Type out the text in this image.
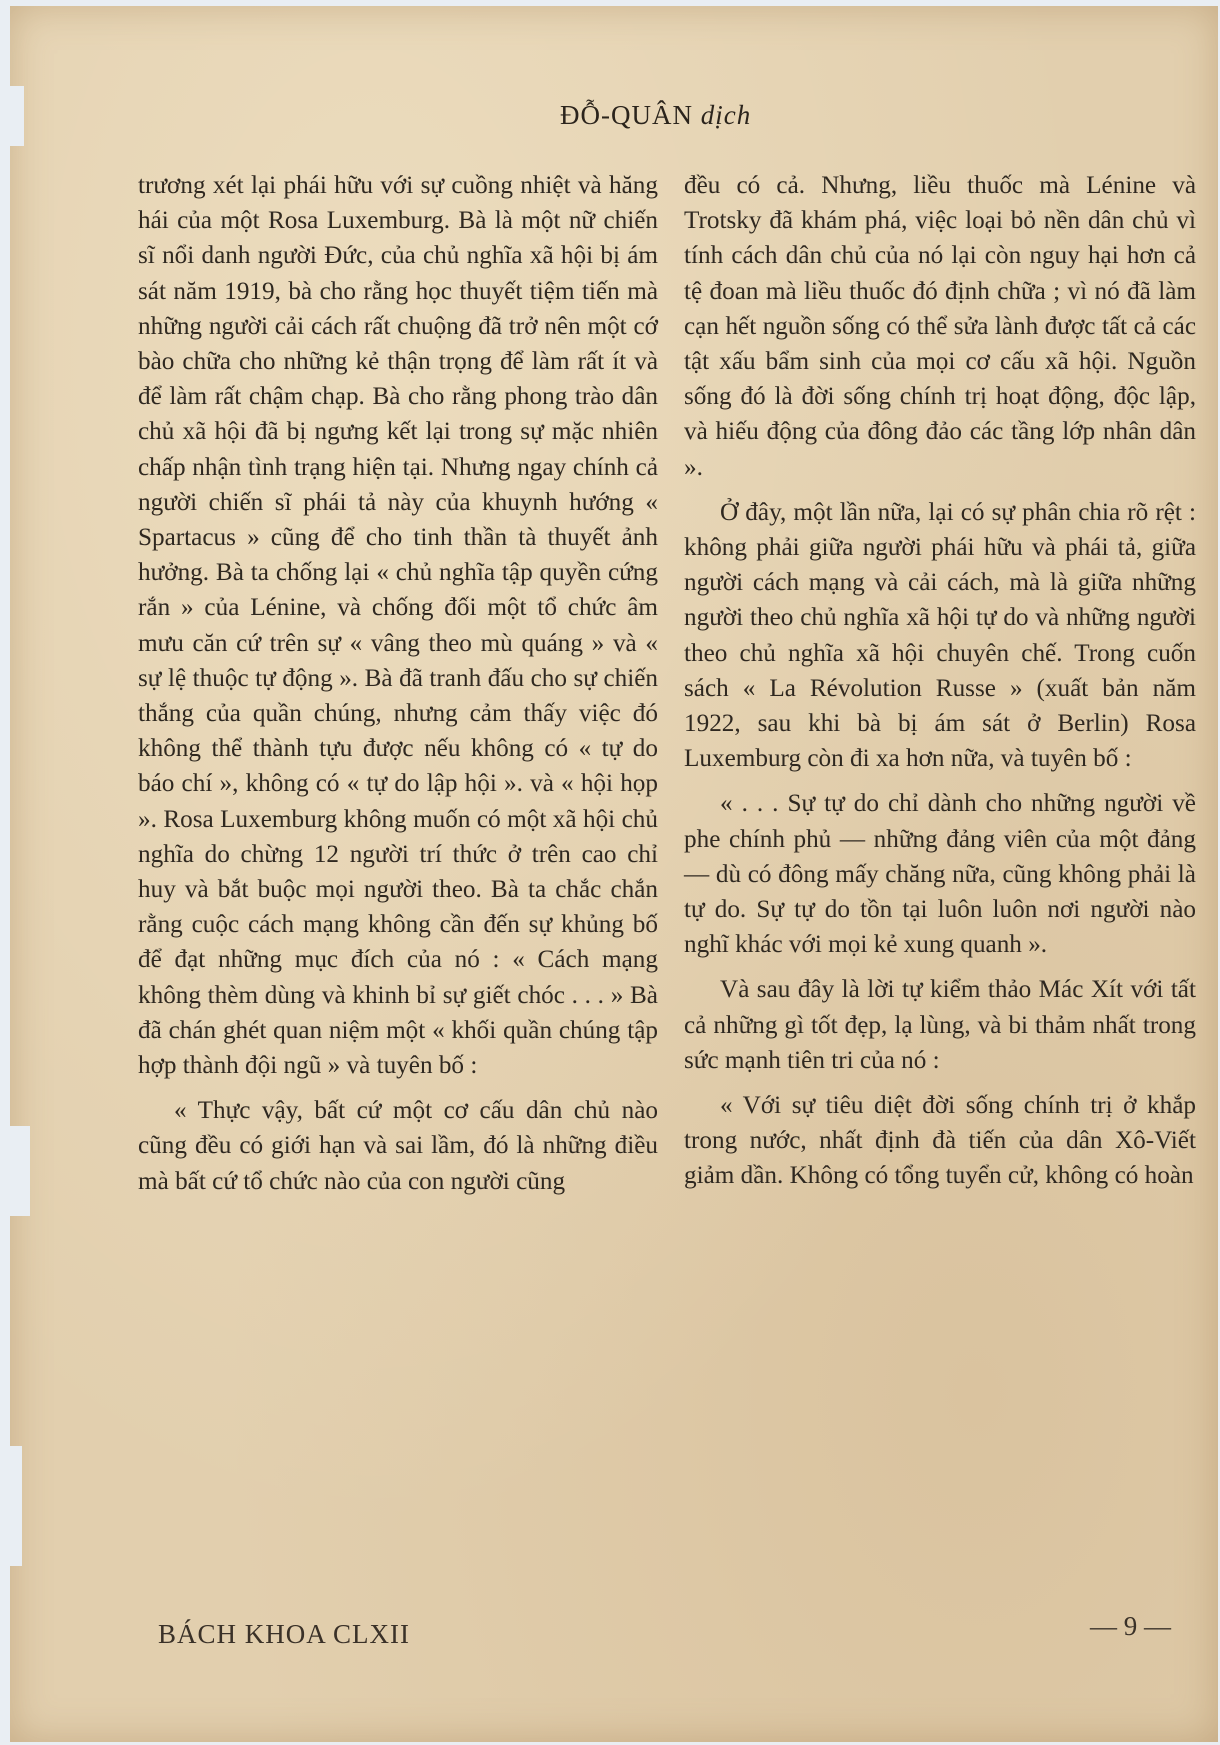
ĐỖ-QUÂN dịch

trương xét lại phái hữu với sự cuồng nhiệt và hăng hái của một Rosa Luxemburg. Bà là một nữ chiến sĩ nổi danh người Đức, của chủ nghĩa xã hội bị ám sát năm 1919, bà cho rằng học thuyết tiệm tiến mà những người cải cách rất chuộng đã trở nên một cớ bào chữa cho những kẻ thận trọng để làm rất ít và để làm rất chậm chạp. Bà cho rằng phong trào dân chủ xã hội đã bị ngưng kết lại trong sự mặc nhiên chấp nhận tình trạng hiện tại. Nhưng ngay chính cả người chiến sĩ phái tả này của khuynh hướng « Spartacus » cũng để cho tinh thần tà thuyết ảnh hưởng. Bà ta chống lại « chủ nghĩa tập quyền cứng rắn » của Lénine, và chống đối một tổ chức âm mưu căn cứ trên sự « vâng theo mù quáng » và « sự lệ thuộc tự động ». Bà đã tranh đấu cho sự chiến thắng của quần chúng, nhưng cảm thấy việc đó không thể thành tựu được nếu không có « tự do báo chí », không có « tự do lập hội ». và « hội họp ». Rosa Luxemburg không muốn có một xã hội chủ nghĩa do chừng 12 người trí thức ở trên cao chỉ huy và bắt buộc mọi người theo. Bà ta chắc chắn rằng cuộc cách mạng không cần đến sự khủng bố để đạt những mục đích của nó : « Cách mạng không thèm dùng và khinh bỉ sự giết chóc . . . » Bà đã chán ghét quan niệm một « khối quần chúng tập hợp thành đội ngũ » và tuyên bố :

« Thực vậy, bất cứ một cơ cấu dân chủ nào cũng đều có giới hạn và sai lầm, đó là những điều mà bất cứ tổ chức nào của con người cũng

đều có cả. Nhưng, liều thuốc mà Lénine và Trotsky đã khám phá, việc loại bỏ nền dân chủ vì tính cách dân chủ của nó lại còn nguy hại hơn cả tệ đoan mà liều thuốc đó định chữa ; vì nó đã làm cạn hết nguồn sống có thể sửa lành được tất cả các tật xấu bẩm sinh của mọi cơ cấu xã hội. Nguồn sống đó là đời sống chính trị hoạt động, độc lập, và hiếu động của đông đảo các tầng lớp nhân dân ».

Ở đây, một lần nữa, lại có sự phân chia rõ rệt : không phải giữa người phái hữu và phái tả, giữa người cách mạng và cải cách, mà là giữa những người theo chủ nghĩa xã hội tự do và những người theo chủ nghĩa xã hội chuyên chế. Trong cuốn sách « La Révolution Russe » (xuất bản năm 1922, sau khi bà bị ám sát ở Berlin) Rosa Luxemburg còn đi xa hơn nữa, và tuyên bố :

« . . . Sự tự do chỉ dành cho những người về phe chính phủ — những đảng viên của một đảng — dù có đông mấy chăng nữa, cũng không phải là tự do. Sự tự do tồn tại luôn luôn nơi người nào nghĩ khác với mọi kẻ xung quanh ».

Và sau đây là lời tự kiểm thảo Mác Xít với tất cả những gì tốt đẹp, lạ lùng, và bi thảm nhất trong sức mạnh tiên tri của nó :

« Với sự tiêu diệt đời sống chính trị ở khắp trong nước, nhất định đà tiến của dân Xô-Viết giảm dần. Không có tổng tuyển cử, không có hoàn

BÁCH KHOA CLXII	— 9 —
